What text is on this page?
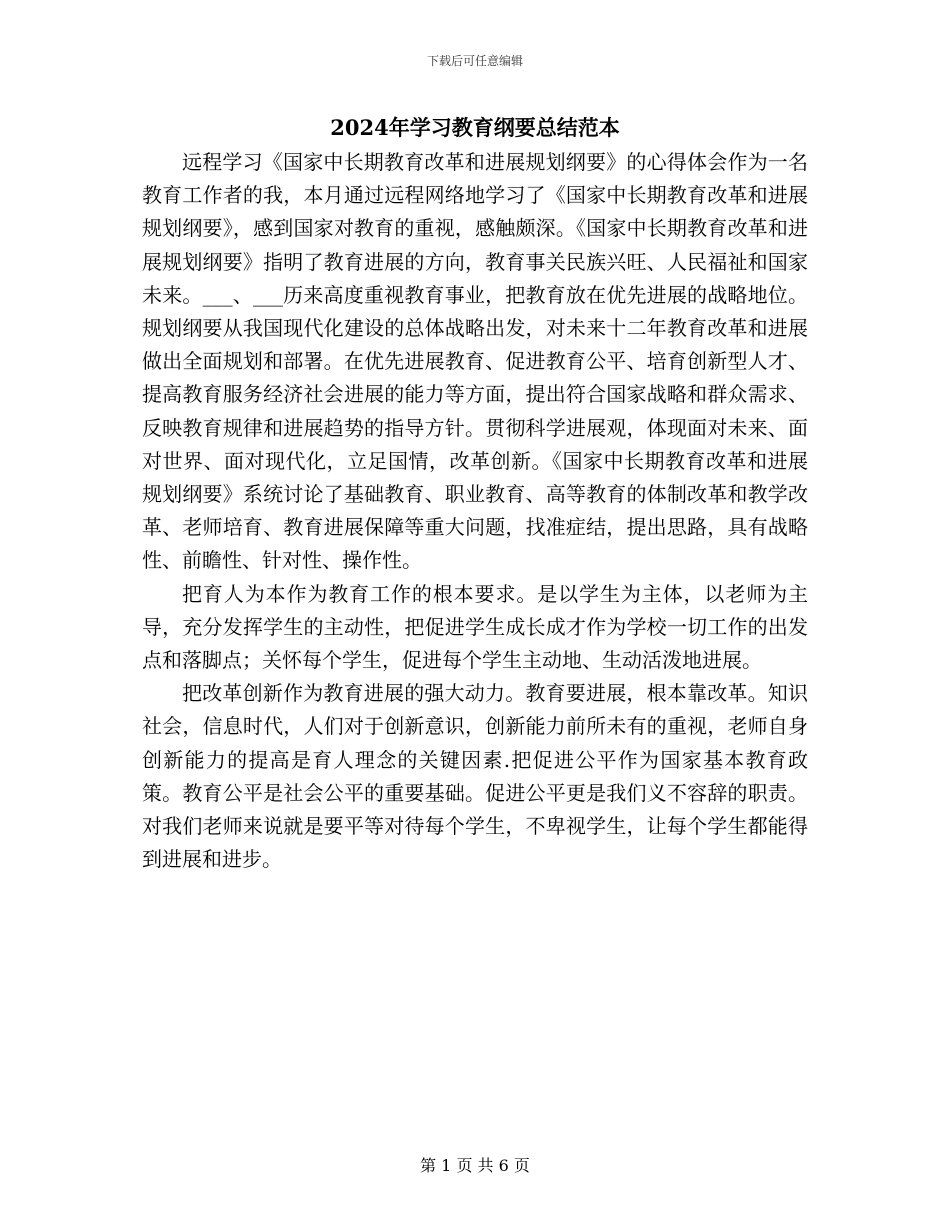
下载后可任意编辑
2024年学习教育纲要总结范本

远程学习《国家中长期教育改革和进展规划纲要》的心得体会作为一名教育工作者的我，本月通过远程网络地学习了《国家中长期教育改革和进展规划纲要》，感到国家对教育的重视，感触颇深。《国家中长期教育改革和进展规划纲要》指明了教育进展的方向，教育事关民族兴旺、人民福祉和国家未来。___、___历来高度重视教育事业，把教育放在优先进展的战略地位。规划纲要从我国现代化建设的总体战略出发，对未来十二年教育改革和进展做出全面规划和部署。在优先进展教育、促进教育公平、培育创新型人才、提高教育服务经济社会进展的能力等方面，提出符合国家战略和群众需求、反映教育规律和进展趋势的指导方针。贯彻科学进展观，体现面对未来、面对世界、面对现代化，立足国情，改革创新。《国家中长期教育改革和进展规划纲要》系统讨论了基础教育、职业教育、高等教育的体制改革和教学改革、老师培育、教育进展保障等重大问题，找准症结，提出思路，具有战略性、前瞻性、针对性、操作性。

把育人为本作为教育工作的根本要求。是以学生为主体，以老师为主导，充分发挥学生的主动性，把促进学生成长成才作为学校一切工作的出发点和落脚点；关怀每个学生，促进每个学生主动地、生动活泼地进展。

把改革创新作为教育进展的强大动力。教育要进展，根本靠改革。知识社会，信息时代，人们对于创新意识，创新能力前所未有的重视，老师自身创新能力的提高是育人理念的关键因素.把促进公平作为国家基本教育政策。教育公平是社会公平的重要基础。促进公平更是我们义不容辞的职责。对我们老师来说就是要平等对待每个学生，不卑视学生，让每个学生都能得到进展和进步。

第 1 页 共 6 页
